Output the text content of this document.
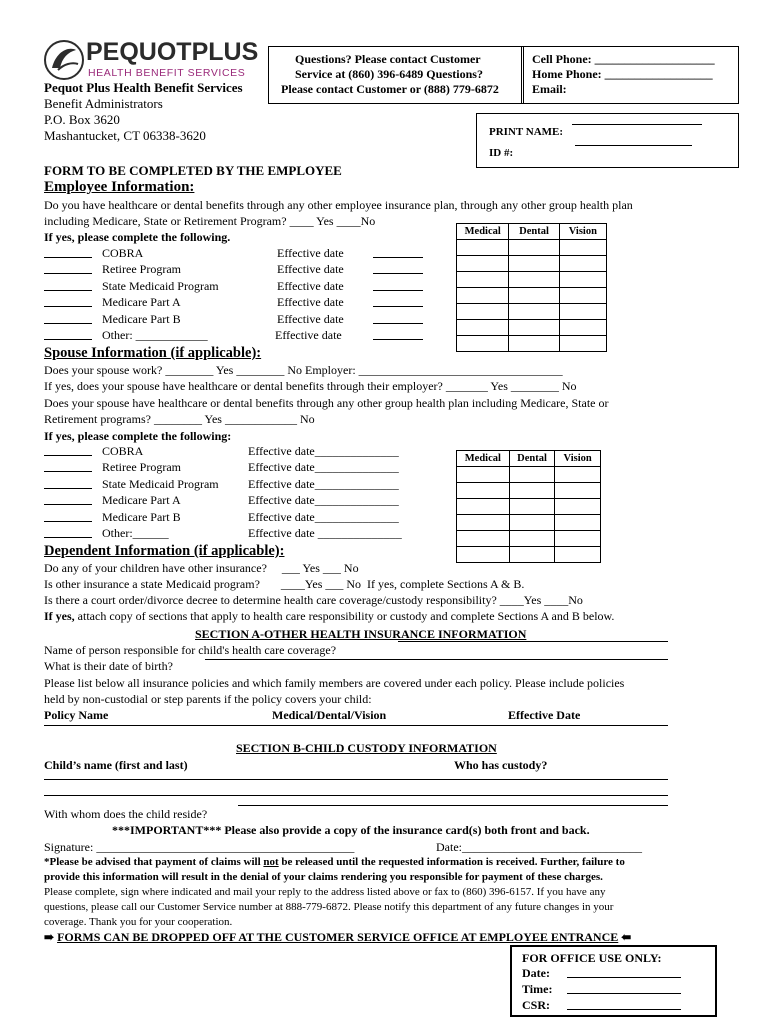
PEQUOTPLUS
HEALTH BENEFIT SERVICES
Pequot Plus Health Benefit Services
Benefit Administrators
P.O. Box 3620
Mashantucket, CT 06338-3620
Questions? Please contact Customer
Service at (860) 396-6489 Questions?
Please contact Customer or (888) 779-6872
Cell Phone: ____________________
Home Phone: __________________
Email:
PRINT NAME:
ID #:
FORM TO BE COMPLETED BY THE EMPLOYEE
Employee Information:
Do you have healthcare or dental benefits through any other employee insurance plan, through any other group health plan
including Medicare, State or Retirement Program? ____ Yes ____No
If yes, please complete the following.
COBRA	Effective date
Retiree Program	Effective date
State Medicaid Program	Effective date
Medicare Part A	Effective date
Medicare Part B	Effective date
Other: ____________	Effective date
Medical	Dental	Vision

Spouse Information (if applicable):
Does your spouse work? ________ Yes ________ No Employer: __________________________________
If yes, does your spouse have healthcare or dental benefits through their employer? _______ Yes ________ No
Does your spouse have healthcare or dental benefits through any other group health plan including Medicare, State or
Retirement programs? ________ Yes ____________ No
If yes, please complete the following:
COBRA	Effective date______________
Retiree Program	Effective date______________
State Medicaid Program Effective date______________
Medicare Part A	Effective date______________
Medicare Part B	Effective date______________
Other:______	Effective date ______________
Medical	Dental	Vision

Dependent Information (if applicable):
Do any of your children have other insurance?     ___ Yes ___ No
Is other insurance a state Medicaid program?       ____Yes ___ No  If yes, complete Sections A & B.
Is there a court order/divorce decree to determine health care coverage/custody responsibility? ____Yes ____No
If yes, attach copy of sections that apply to health care responsibility or custody and complete Sections A and B below.
SECTION A-OTHER HEALTH INSURANCE INFORMATION
Name of person responsible for child's health care coverage?
What is their date of birth?
Please list below all insurance policies and which family members are covered under each policy. Please include policies
held by non-custodial or step parents if the policy covers your child:
Policy Name	Medical/Dental/Vision	Effective Date
SECTION B-CHILD CUSTODY INFORMATION
Child’s name (first and last)	Who has custody?
With whom does the child reside?
***IMPORTANT*** Please also provide a copy of the insurance card(s) both front and back.
Signature: ___________________________________________	Date:______________________________
*Please be advised that payment of claims will not be released until the requested information is received. Further, failure to
provide this information will result in the denial of your claims rendering you responsible for payment of these charges.
Please complete, sign where indicated and mail your reply to the address listed above or fax to (860) 396-6157. If you have any
questions, please call our Customer Service number at 888-779-6872. Please notify this department of any future changes in your
coverage. Thank you for your cooperation.
➠ FORMS CAN BE DROPPED OFF AT THE CUSTOMER SERVICE OFFICE AT EMPLOYEE ENTRANCE ➠
FOR OFFICE USE ONLY:
Date:
Time:
CSR:
